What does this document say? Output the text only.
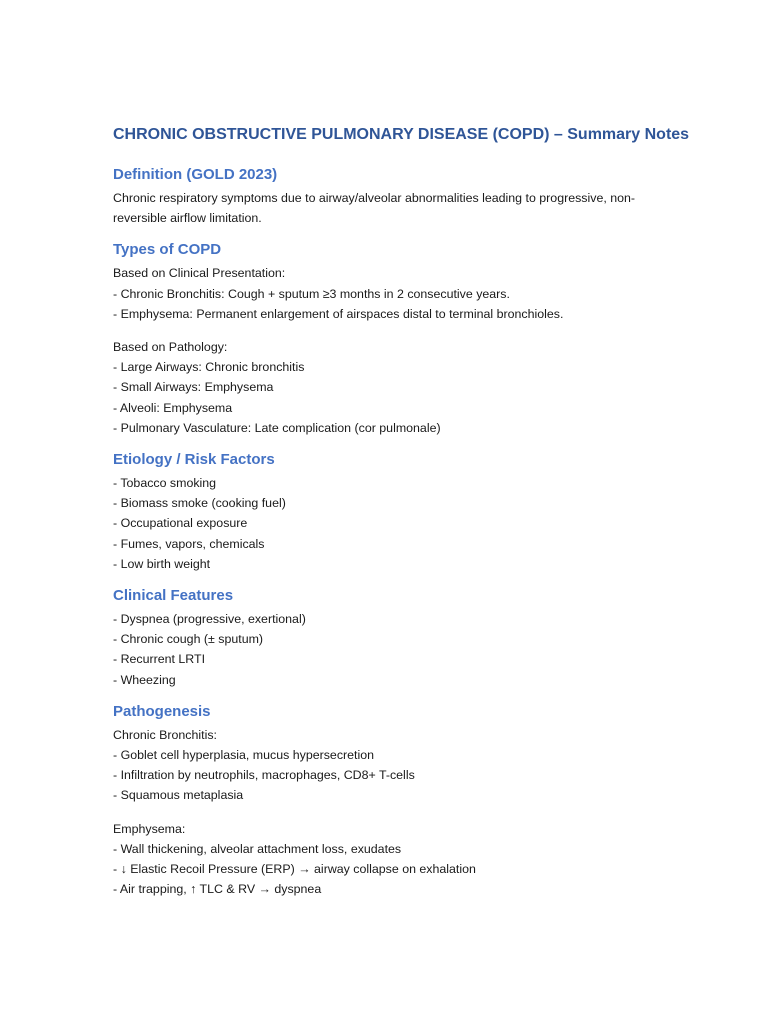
CHRONIC OBSTRUCTIVE PULMONARY DISEASE (COPD) – Summary Notes
Definition (GOLD 2023)

Chronic respiratory symptoms due to airway/alveolar abnormalities leading to progressive, non-reversible airflow limitation.

Types of COPD
Based on Clinical Presentation:
- Chronic Bronchitis: Cough + sputum ≥3 months in 2 consecutive years.
- Emphysema: Permanent enlargement of airspaces distal to terminal bronchioles.
Based on Pathology:
- Large Airways: Chronic bronchitis
- Small Airways: Emphysema
- Alveoli: Emphysema
- Pulmonary Vasculature: Late complication (cor pulmonale)
Etiology / Risk Factors
- Tobacco smoking
- Biomass smoke (cooking fuel)
- Occupational exposure
- Fumes, vapors, chemicals
- Low birth weight
Clinical Features
- Dyspnea (progressive, exertional)
- Chronic cough (± sputum)
- Recurrent LRTI
- Wheezing
Pathogenesis
Chronic Bronchitis:
- Goblet cell hyperplasia, mucus hypersecretion
- Infiltration by neutrophils, macrophages, CD8+ T-cells
- Squamous metaplasia
Emphysema:
- Wall thickening, alveolar attachment loss, exudates
- ↓ Elastic Recoil Pressure (ERP) → airway collapse on exhalation
- Air trapping, ↑ TLC & RV → dyspnea
